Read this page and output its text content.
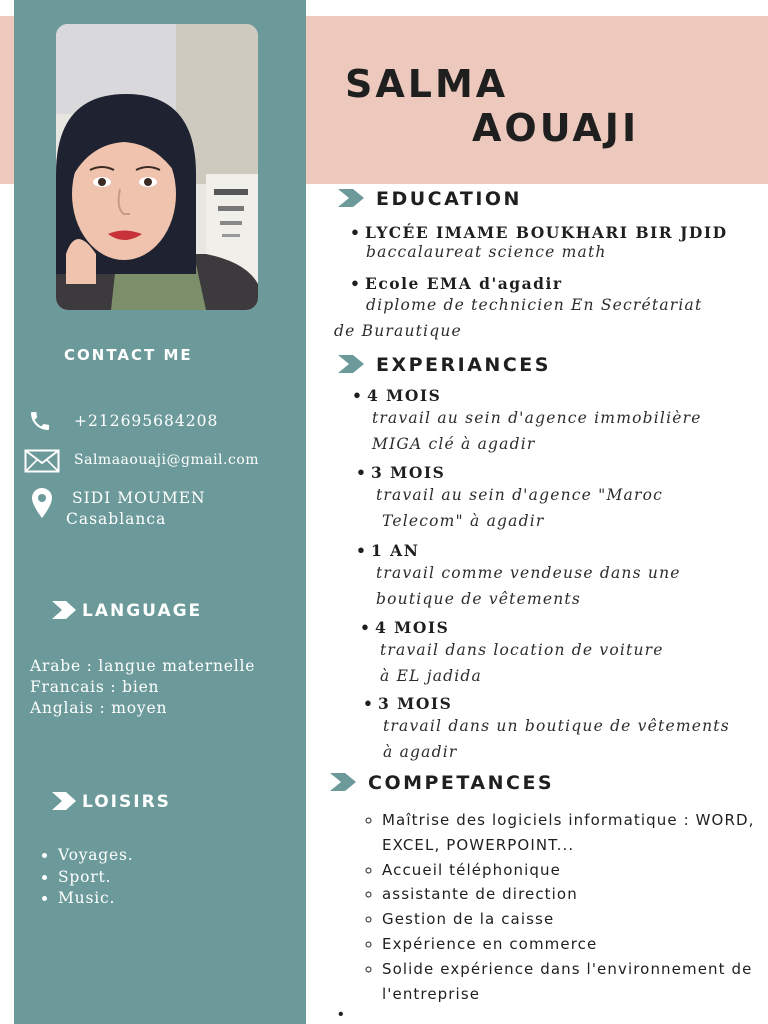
SALMA
AOUAJI
CONTACT ME
+212695684208
Salmaaouaji@gmail.com
SIDI MOUMEN
Casablanca
LANGUAGE
Arabe : langue maternelle
Francais : bien
Anglais : moyen
LOISIRS
• Voyages.
• Sport.
• Music.
EDUCATION
• LYCÉE IMAME BOUKHARI BIR JDID
baccalaureat science math
• Ecole EMA d'agadir
diplome de technicien En Secrétariat
de Burautique
EXPERIANCES
• 4 MOIS
travail au sein d'agence immobilière
MIGA clé à agadir
• 3 MOIS
travail au sein d'agence "Maroc
Telecom" à agadir
• 1 AN
travail comme vendeuse dans une
boutique de vêtements
• 4 MOIS
travail dans location de voiture
à EL jadida
• 3 MOIS
travail dans un boutique de vêtements
à agadir
COMPETANCES
◦ Maîtrise des logiciels informatique : WORD, EXCEL, POWERPOINT...
◦ Accueil téléphonique
◦ assistante de direction
◦ Gestion de la caisse
◦ Expérience en commerce
◦ Solide expérience dans l'environnement de l'entreprise
•
